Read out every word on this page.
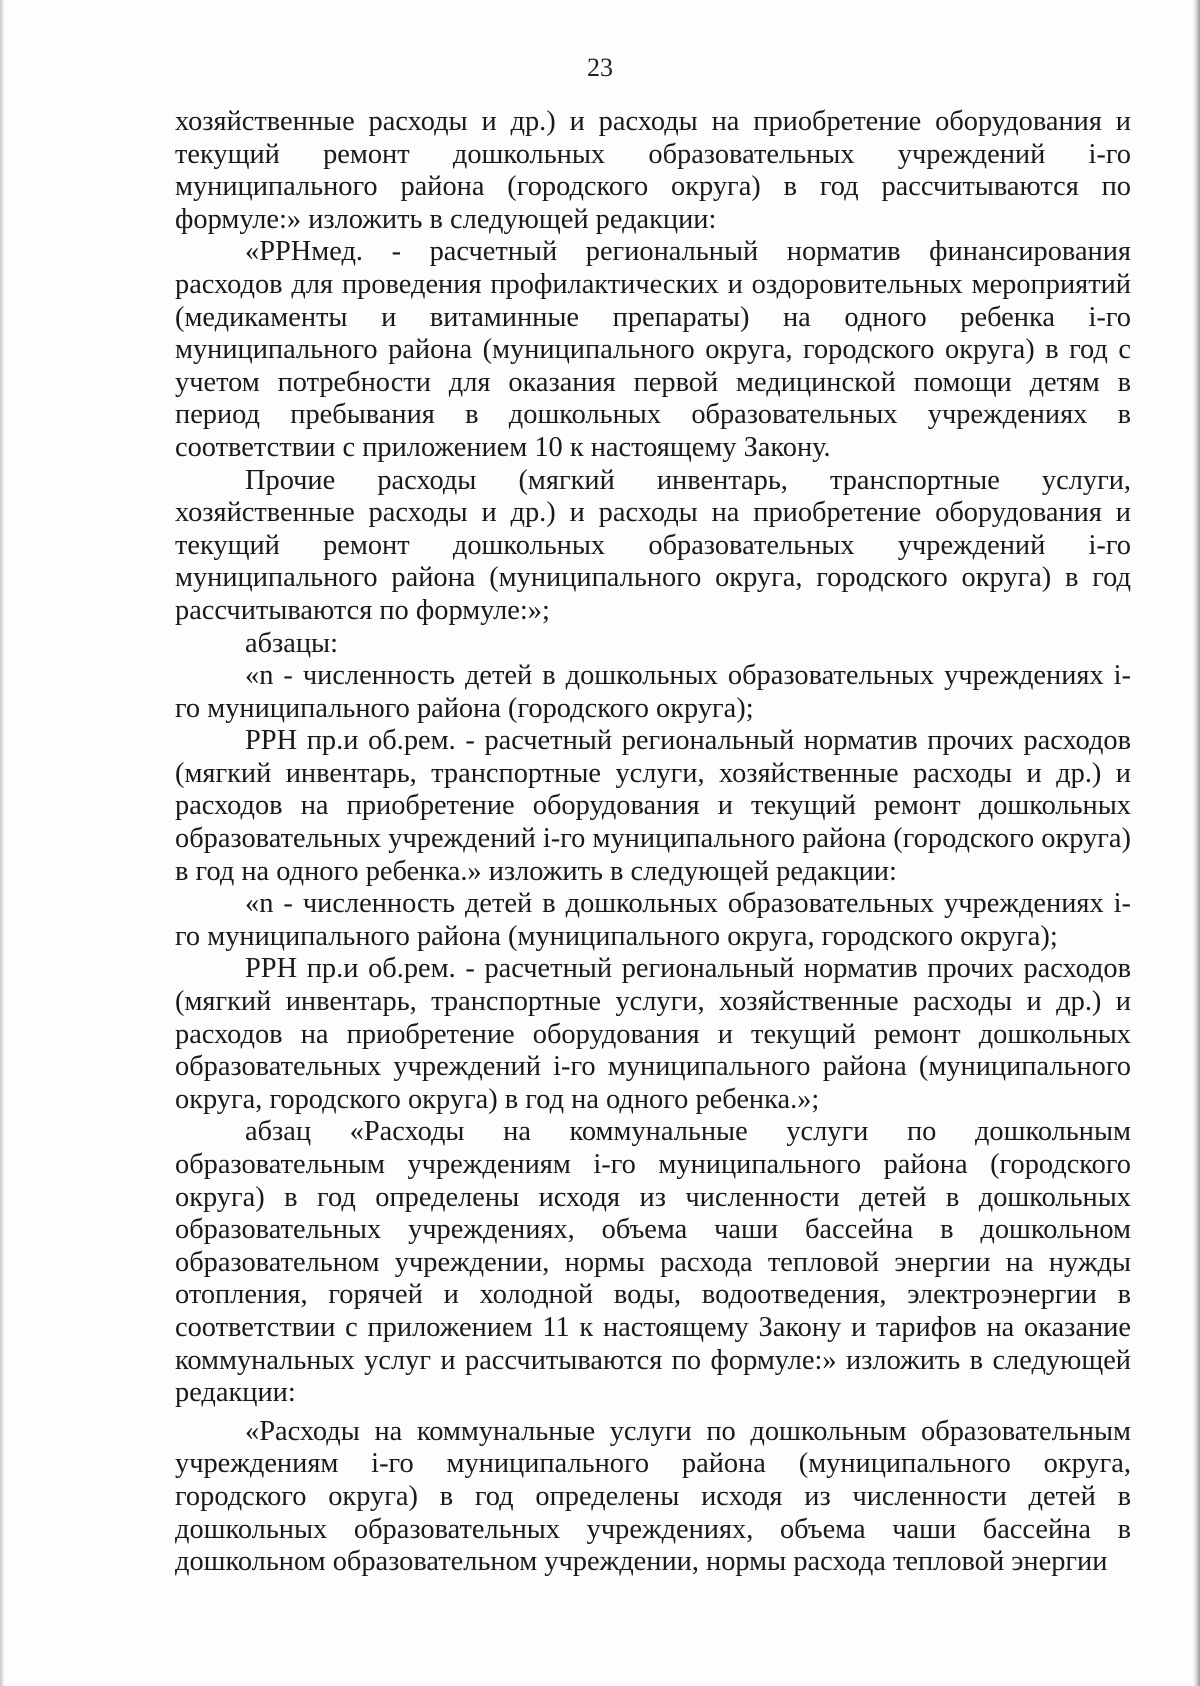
23

хозяйственные расходы и др.) и расходы на приобретение оборудования и текущий ремонт дошкольных образовательных учреждений i-го муниципального района (городского округа) в год рассчитываются по формуле:» изложить в следующей редакции:

«РРНмед. - расчетный региональный норматив финансирования расходов для проведения профилактических и оздоровительных мероприятий (медикаменты и витаминные препараты) на одного ребенка i-го муниципального района (муниципального округа, городского округа) в год с учетом потребности для оказания первой медицинской помощи детям в период пребывания в дошкольных образовательных учреждениях в соответствии с приложением 10 к настоящему Закону.

Прочие расходы (мягкий инвентарь, транспортные услуги, хозяйственные расходы и др.) и расходы на приобретение оборудования и текущий ремонт дошкольных образовательных учреждений i-го муниципального района (муниципального округа, городского округа) в год рассчитываются по формуле:»;

абзацы:

«n - численность детей в дошкольных образовательных учреждениях i-го муниципального района (городского округа);

РРН пр.и об.рем. - расчетный региональный норматив прочих расходов (мягкий инвентарь, транспортные услуги, хозяйственные расходы и др.) и расходов на приобретение оборудования и текущий ремонт дошкольных образовательных учреждений i-го муниципального района (городского округа) в год на одного ребенка.» изложить в следующей редакции:

«n - численность детей в дошкольных образовательных учреждениях i-го муниципального района (муниципального округа, городского округа);

РРН пр.и об.рем. - расчетный региональный норматив прочих расходов (мягкий инвентарь, транспортные услуги, хозяйственные расходы и др.) и расходов на приобретение оборудования и текущий ремонт дошкольных образовательных учреждений i-го муниципального района (муниципального округа, городского округа) в год на одного ребенка.»;

абзац «Расходы на коммунальные услуги по дошкольным образовательным учреждениям i-го муниципального района (городского округа) в год определены исходя из численности детей в дошкольных образовательных учреждениях, объема чаши бассейна в дошкольном образовательном учреждении, нормы расхода тепловой энергии на нужды отопления, горячей и холодной воды, водоотведения, электроэнергии в соответствии с приложением 11 к настоящему Закону и тарифов на оказание коммунальных услуг и рассчитываются по формуле:» изложить в следующей редакции:

«Расходы на коммунальные услуги по дошкольным образовательным учреждениям i-го муниципального района (муниципального округа, городского округа) в год определены исходя из численности детей в дошкольных образовательных учреждениях, объема чаши бассейна в дошкольном образовательном учреждении, нормы расхода тепловой энергии
